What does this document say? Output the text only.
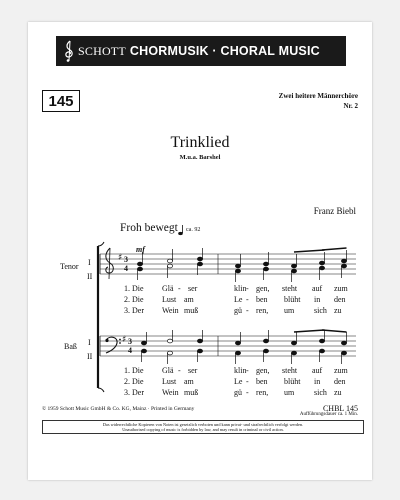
SCHOTT CHORMUSIK · CHORAL MUSIC
145	Zwei heitere Männerchöre
Nr. 2
Trinklied
M.u.a. Barshel
Franz Biebl
Froh bewegt ca. 92
Tenor I
II
Baß I
II
♯ 3
4
mf
♯ 3
4
1. Die Glä - ser	klin - gen, steht auf zum
2. Die Lust am	Le - ben blüht in den
3. Der Wein muß	gü - ren, um sich zu
1. Die Glä - ser	klin - gen, steht auf zum
2. Die Lust am	Le - ben blüht in den
3. Der Wein muß	gü - ren, um sich zu
© 1959 Schott Music GmbH & Co. KG, Mainz · Printed in Germany	CHBL 145
Aufführungsdauer ca. 1 Min.
Das widerrechtliche Kopieren von Noten ist gesetzlich verboten und kann privat- und strafrechtlich verfolgt werden.
Unauthorised copying of music is forbidden by law, and may result in criminal or civil action.
